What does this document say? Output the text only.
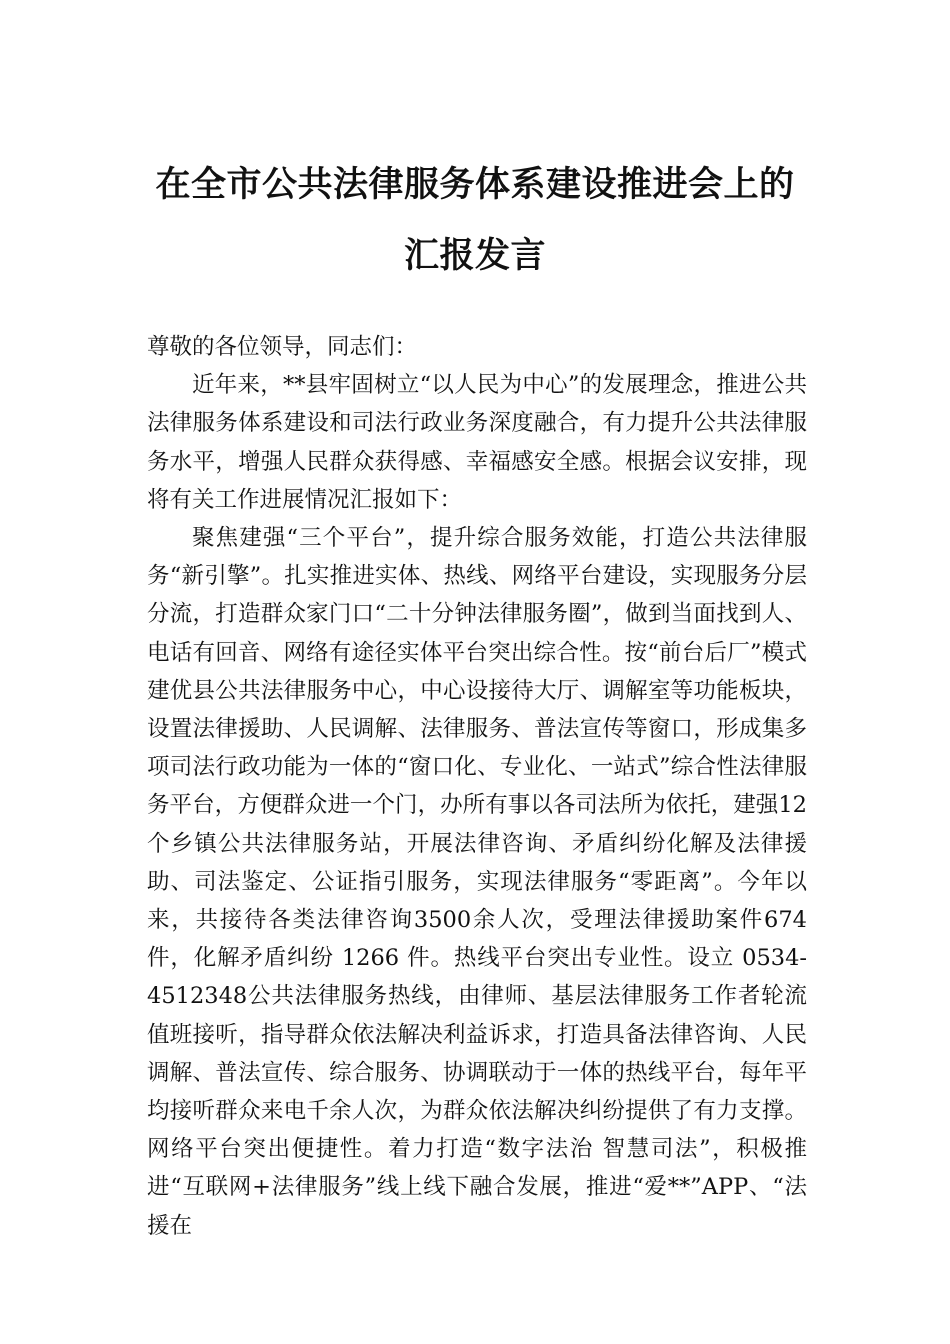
在全市公共法律服务体系建设推进会上的
汇报发言

尊敬的各位领导，同志们：

近年来，**县牢固树立“以人民为中心”的发展理念，推进公共法律服务体系建设和司法行政业务深度融合，有力提升公共法律服务水平，增强人民群众获得感、幸福感安全感。根据会议安排，现将有关工作进展情况汇报如下：

聚焦建强“三个平台”，提升综合服务效能，打造公共法律服务“新引擎”。扎实推进实体、热线、网络平台建设，实现服务分层分流，打造群众家门口“二十分钟法律服务圈”，做到当面找到人、电话有回音、网络有途径实体平台突出综合性。按“前台后厂”模式建优县公共法律服务中心，中心设接待大厅、调解室等功能板块，设置法律援助、人民调解、法律服务、普法宣传等窗口，形成集多项司法行政功能为一体的“窗口化、专业化、一站式”综合性法律服务平台，方便群众进一个门，办所有事以各司法所为依托，建强12个乡镇公共法律服务站，开展法律咨询、矛盾纠纷化解及法律援助、司法鉴定、公证指引服务，实现法律服务“零距离”。今年以来，共接待各类法律咨询3500余人次，受理法律援助案件674件，化解矛盾纠纷 1266 件。热线平台突出专业性。设立 0534-4512348公共法律服务热线，由律师、基层法律服务工作者轮流值班接听，指导群众依法解决利益诉求，打造具备法律咨询、人民调解、普法宣传、综合服务、协调联动于一体的热线平台，每年平均接听群众来电千余人次，为群众依法解决纠纷提供了有力支撑。网络平台突出便捷性。着力打造“数字法治 智慧司法”，积极推进“互联网+法律服务”线上线下融合发展，推进“爱**”APP、“法援在
